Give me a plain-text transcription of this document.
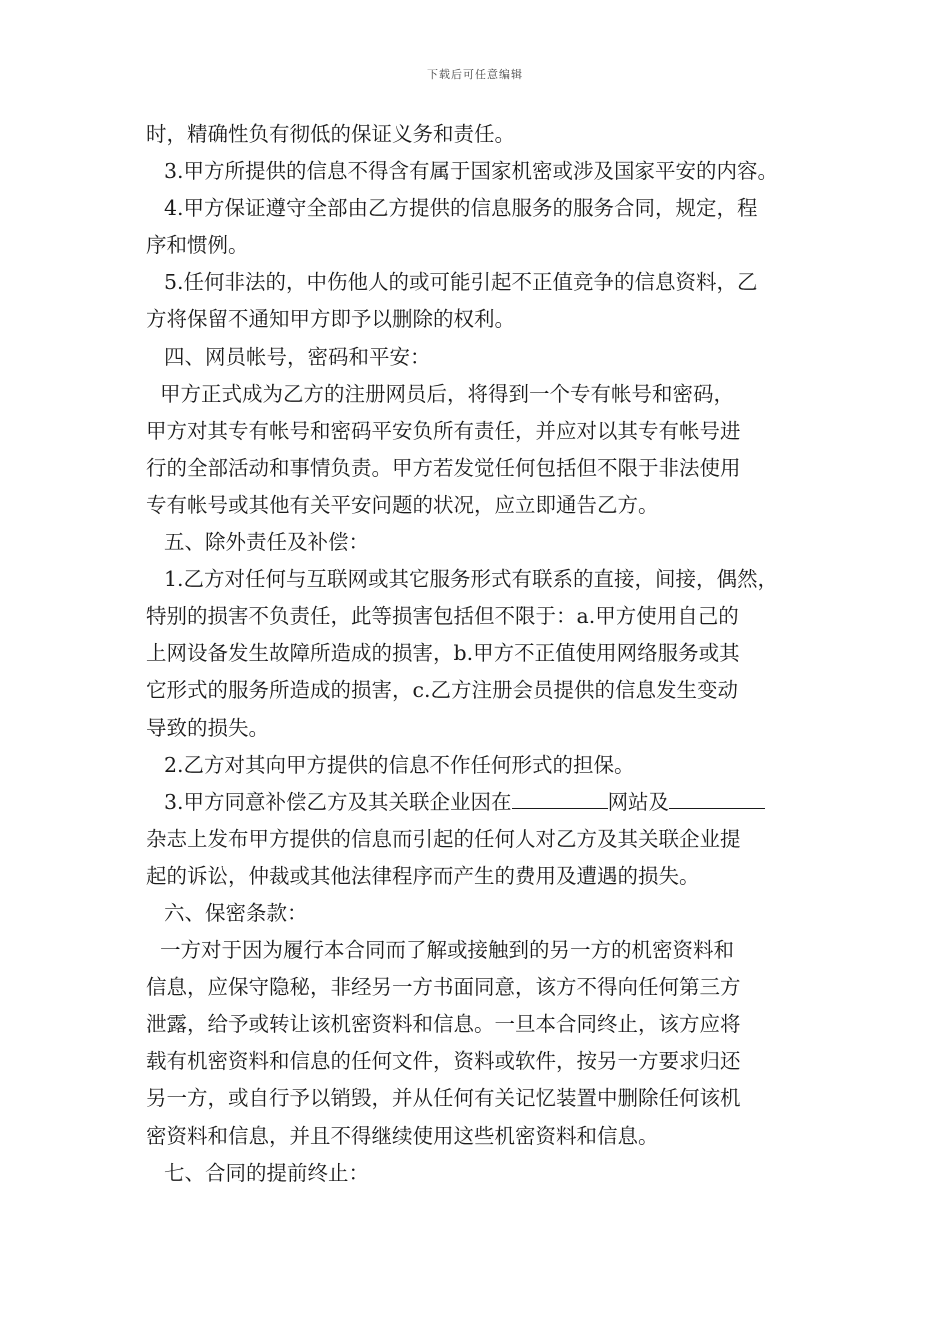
下载后可任意编辑
时，精确性负有彻低的保证义务和责任。
3.甲方所提供的信息不得含有属于国家机密或涉及国家平安的内容。
4.甲方保证遵守全部由乙方提供的信息服务的服务合同，规定，程
序和惯例。
5.任何非法的，中伤他人的或可能引起不正值竞争的信息资料，乙
方将保留不通知甲方即予以删除的权利。
四、网员帐号，密码和平安：
甲方正式成为乙方的注册网员后，将得到一个专有帐号和密码，
甲方对其专有帐号和密码平安负所有责任，并应对以其专有帐号进
行的全部活动和事情负责。甲方若发觉任何包括但不限于非法使用
专有帐号或其他有关平安问题的状况，应立即通告乙方。
五、除外责任及补偿：
1.乙方对任何与互联网或其它服务形式有联系的直接，间接，偶然，
特别的损害不负责任，此等损害包括但不限于：a.甲方使用自己的
上网设备发生故障所造成的损害，b.甲方不正值使用网络服务或其
它形式的服务所造成的损害，c.乙方注册会员提供的信息发生变动
导致的损失。
2.乙方对其向甲方提供的信息不作任何形式的担保。
3.甲方同意补偿乙方及其关联企业因在	网站及
杂志上发布甲方提供的信息而引起的任何人对乙方及其关联企业提
起的诉讼，仲裁或其他法律程序而产生的费用及遭遇的损失。
六、保密条款：
一方对于因为履行本合同而了解或接触到的另一方的机密资料和
信息，应保守隐秘，非经另一方书面同意，该方不得向任何第三方
泄露，给予或转让该机密资料和信息。一旦本合同终止，该方应将
载有机密资料和信息的任何文件，资料或软件，按另一方要求归还
另一方，或自行予以销毁，并从任何有关记忆装置中删除任何该机
密资料和信息，并且不得继续使用这些机密资料和信息。
七、合同的提前终止：
